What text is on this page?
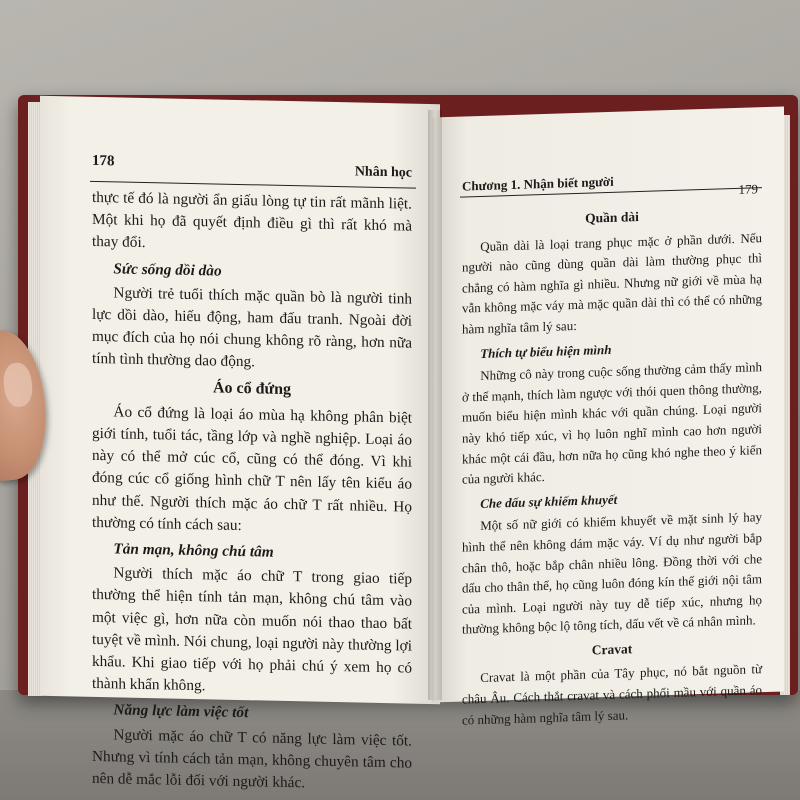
178
Nhân học

thực tế đó là người ẩn giấu lòng tự tin rất mãnh liệt. Một khi họ đã quyết định điều gì thì rất khó mà thay đổi.

Sức sống dồi dào

Người trẻ tuổi thích mặc quần bò là người tinh lực dồi dào, hiếu động, ham đấu tranh. Ngoài đời mục đích của họ nói chung không rõ ràng, hơn nữa tính tình thường dao động.

Áo cổ đứng

Áo cổ đứng là loại áo mùa hạ không phân biệt giới tính, tuổi tác, tầng lớp và nghề nghiệp. Loại áo này có thể mở cúc cổ, cũng có thể đóng. Vì khi đóng cúc cổ giống hình chữ T nên lấy tên kiểu áo như thế. Người thích mặc áo chữ T rất nhiều. Họ thường có tính cách sau:

Tản mạn, không chú tâm

Người thích mặc áo chữ T trong giao tiếp thường thể hiện tính tản mạn, không chú tâm vào một việc gì, hơn nữa còn muốn nói thao thao bất tuyệt về mình. Nói chung, loại người này thường lợi khẩu. Khi giao tiếp với họ phải chú ý xem họ có thành khẩn không.

Năng lực làm việc tốt

Người mặc áo chữ T có năng lực làm việc tốt. Nhưng vì tính cách tản mạn, không chuyên tâm cho nên dễ mắc lỗi đối với người khác.

Chương 1. Nhận biết người	179
Quần dài

Quần dài là loại trang phục mặc ở phần dưới. Nếu người nào cũng dùng quần dài làm thường phục thì chẳng có hàm nghĩa gì nhiều. Nhưng nữ giới về mùa hạ vẫn không mặc váy mà mặc quần dài thì có thể có những hàm nghĩa tâm lý sau:

Thích tự biểu hiện mình

Những cô này trong cuộc sống thường cảm thấy mình ở thế mạnh, thích làm ngược với thói quen thông thường, muốn biểu hiện mình khác với quần chúng. Loại người này khó tiếp xúc, vì họ luôn nghĩ mình cao hơn người khác một cái đầu, hơn nữa họ cũng khó nghe theo ý kiến của người khác.

Che dấu sự khiếm khuyết

Một số nữ giới có khiếm khuyết về mặt sinh lý hay hình thể nên không dám mặc váy. Ví dụ như người bắp chân thô, hoặc bắp chân nhiều lông. Đồng thời với che dấu cho thân thể, họ cũng luôn đóng kín thế giới nội tâm của mình. Loại người này tuy dễ tiếp xúc, nhưng họ thường không bộc lộ tông tích, dấu vết về cá nhân mình.

Cravat

Cravat là một phần của Tây phục, nó bắt nguồn từ châu Âu. Cách thắt cravat và cách phối mầu với quần áo có những hàm nghĩa tâm lý sau.
